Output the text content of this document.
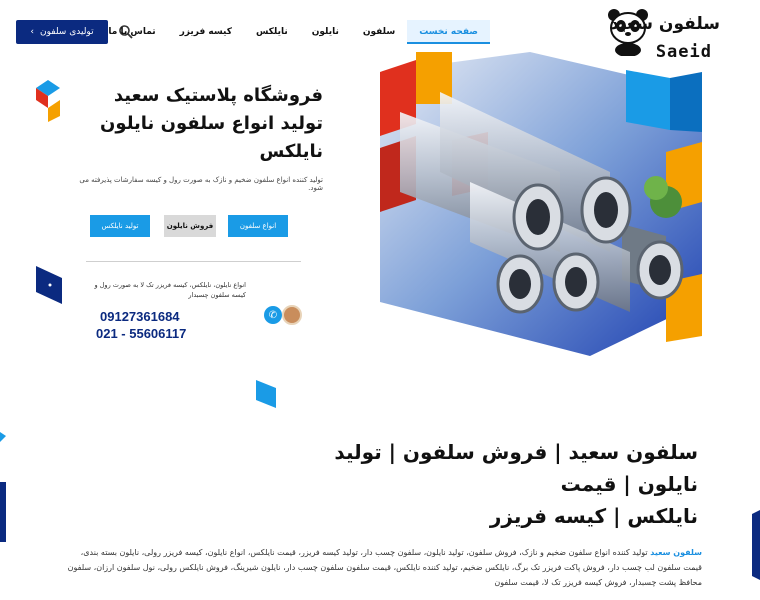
‹ تولیدی سلفون	صفحه نخست
سلفون
نایلون
نایلکس
کیسه فریزر
تماس با ما	سلفون سعید
Saeid
فروشگاه پلاستیک سعید
تولید انواع سلفون نایلون
نایلکس
تولید کننده انواع سلفون ضخیم و نازک به صورت رول و کیسه سفارشات پذیرفته می شود.
انواع سلفون
فروش نایلون
تولید نایلکس
انواع نایلون، نایلکس، کیسه فریزر تک لا به صورت رول و کیسه سلفون چسبدار
✆
09127361684
021 - 55606117
سلفون سعید | فروش سلفون | تولید نایلون | قیمت
نایلکس | کیسه فریزر
سلفون سعید تولید کننده انواع سلفون ضخیم و نازک، فروش سلفون، تولید نایلون، سلفون چسب دار، تولید کیسه فریزر، قیمت نایلکس، انواع نایلون، کیسه فریزر رولی، نایلون بسته بندی، قیمت سلفون لب چسب دار، فروش پاکت فریزر تک برگ، نایلکس ضخیم، تولید کننده نایلکس، قیمت سلفون سلفون چسب دار، نایلون شیرینگ، فروش نایلکس رولی، نول سلفون ارزان، سلفون محافظ پشت چسبدار، فروش کیسه فریزر تک لا، قیمت سلفون
